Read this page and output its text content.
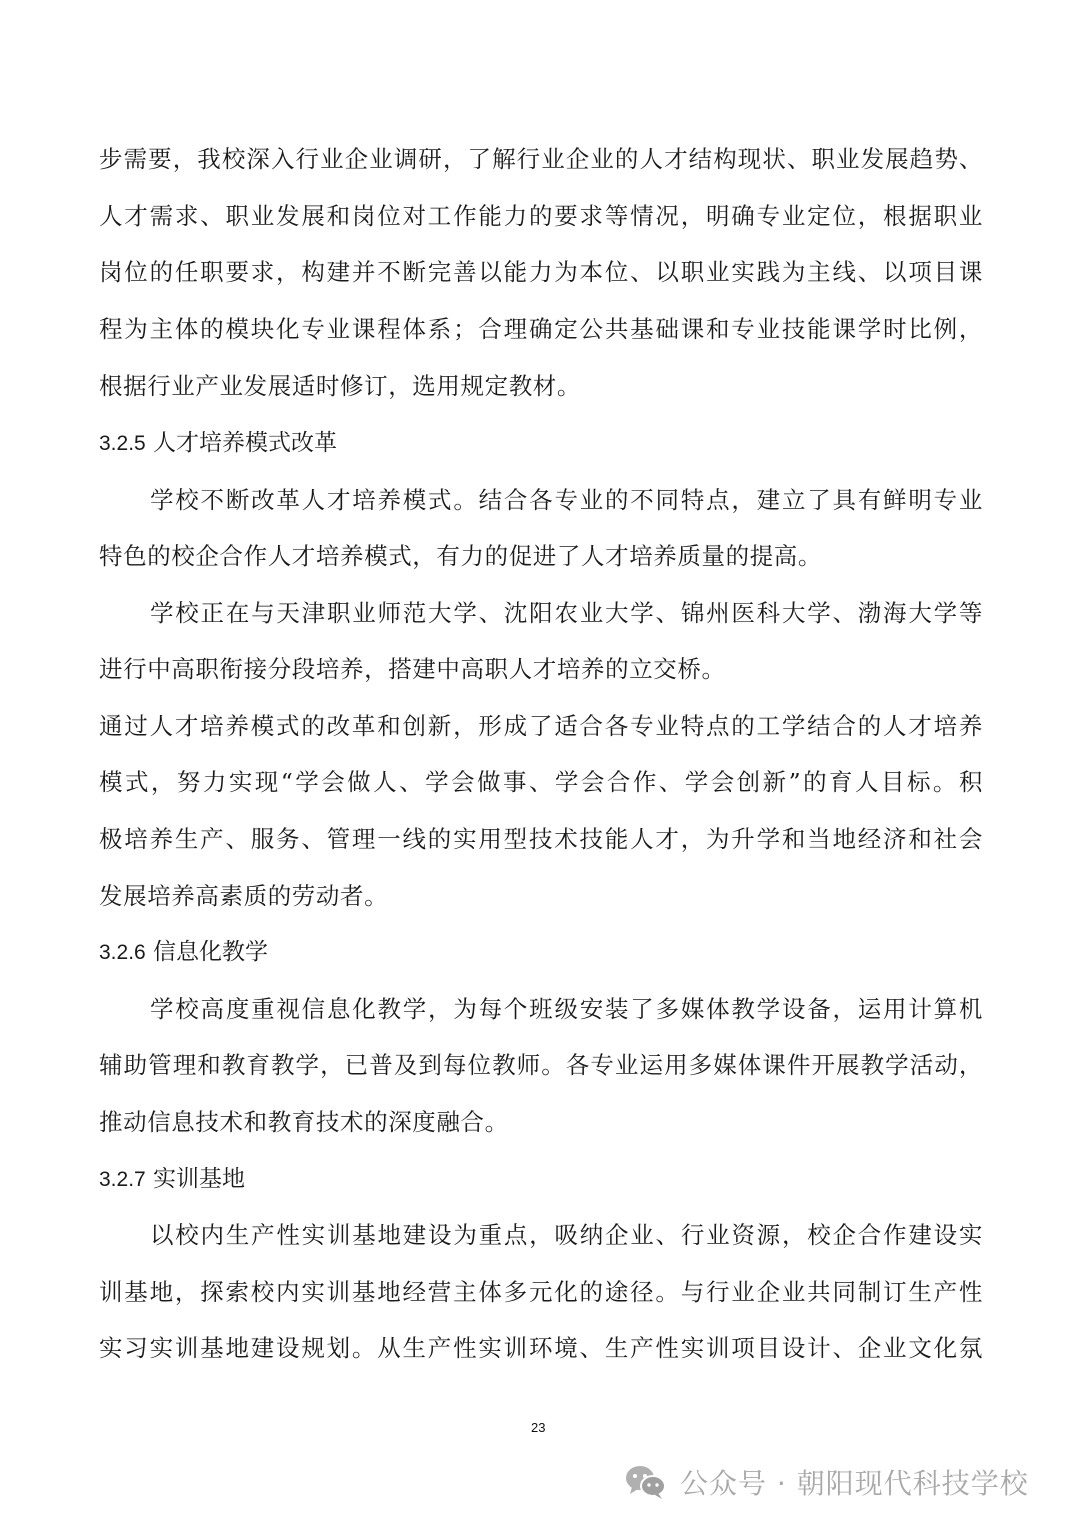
步需要，我校深入行业企业调研，了解行业企业的人才结构现状、职业发展趋势、
人才需求、职业发展和岗位对工作能力的要求等情况，明确专业定位，根据职业
岗位的任职要求，构建并不断完善以能力为本位、以职业实践为主线、以项目课
程为主体的模块化专业课程体系；合理确定公共基础课和专业技能课学时比例，
根据行业产业发展适时修订，选用规定教材。
3.2.5 人才培养模式改革
学校不断改革人才培养模式。结合各专业的不同特点，建立了具有鲜明专业
特色的校企合作人才培养模式，有力的促进了人才培养质量的提高。
学校正在与天津职业师范大学、沈阳农业大学、锦州医科大学、渤海大学等
进行中高职衔接分段培养，搭建中高职人才培养的立交桥。
通过人才培养模式的改革和创新，形成了适合各专业特点的工学结合的人才培养
模式，努力实现“学会做人、学会做事、学会合作、学会创新”的育人目标。积
极培养生产、服务、管理一线的实用型技术技能人才，为升学和当地经济和社会
发展培养高素质的劳动者。
3.2.6 信息化教学
学校高度重视信息化教学，为每个班级安装了多媒体教学设备，运用计算机
辅助管理和教育教学，已普及到每位教师。各专业运用多媒体课件开展教学活动，
推动信息技术和教育技术的深度融合。
3.2.7 实训基地
以校内生产性实训基地建设为重点，吸纳企业、行业资源，校企合作建设实
训基地，探索校内实训基地经营主体多元化的途径。与行业企业共同制订生产性
实习实训基地建设规划。从生产性实训环境、生产性实训项目设计、企业文化氛
23
公众号 · 朝阳现代科技学校
